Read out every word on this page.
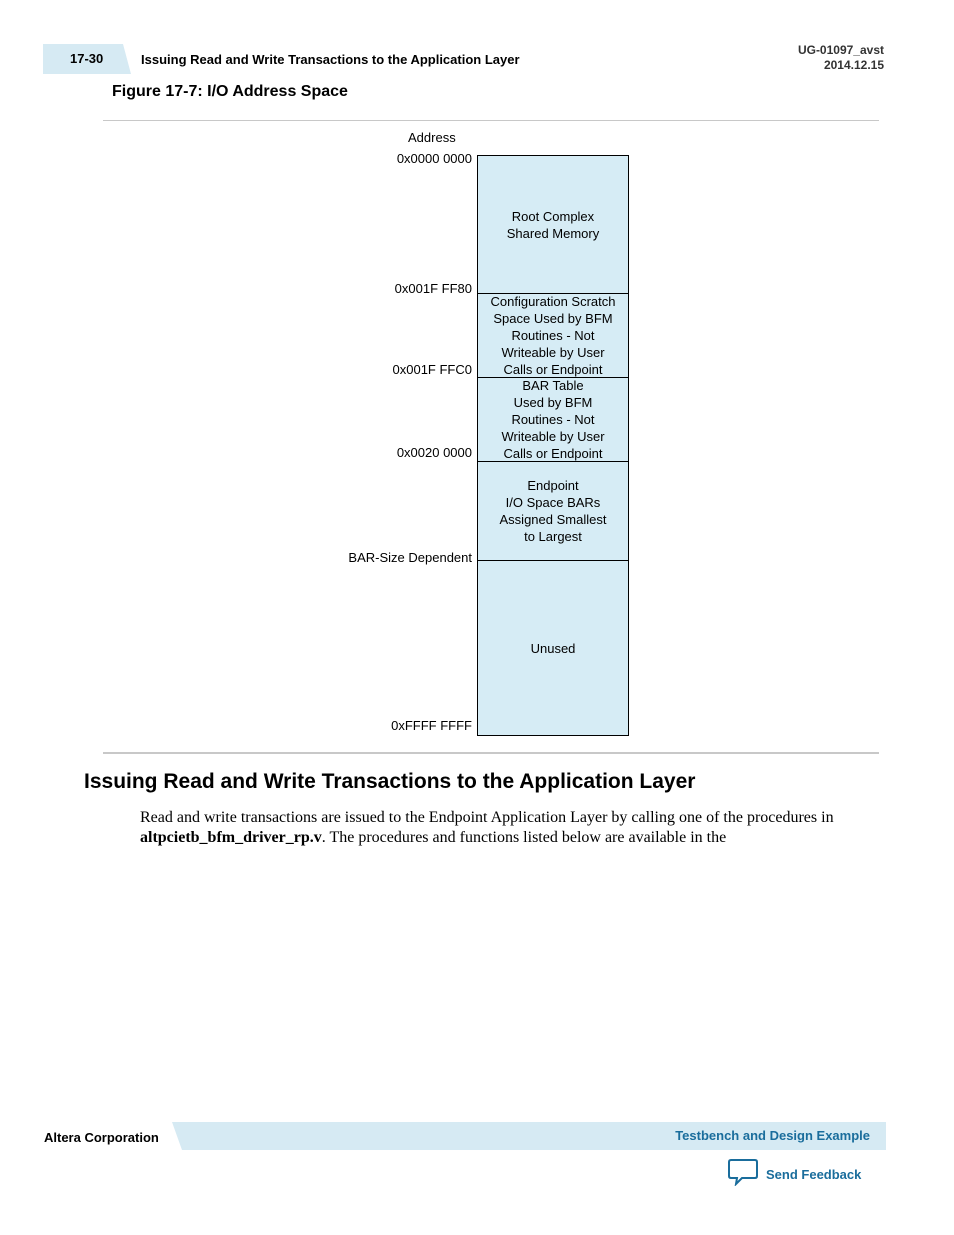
17-30	Issuing Read and Write Transactions to the Application Layer
UG-01097_avst
2014.12.15
Figure 17-7: I/O Address Space
Address
0x0000 0000
0x001F FF80
0x001F FFC0
0x0020 0000
BAR-Size Dependent
0xFFFF FFFF
Root Complex
Shared Memory
Configuration Scratch
Space Used by BFM
Routines - Not
Writeable by User
Calls or Endpoint
BAR Table
Used by BFM
Routines - Not
Writeable by User
Calls or Endpoint
Endpoint
I/O Space BARs
Assigned Smallest
to Largest
Unused
Issuing Read and Write Transactions to the Application Layer

Read and write transactions are issued to the Endpoint Application Layer by calling one of the procedures in altpcietb_bfm_driver_rp.v. The procedures and functions listed below are available in the

Altera Corporation	Testbench and Design Example
Send Feedback
